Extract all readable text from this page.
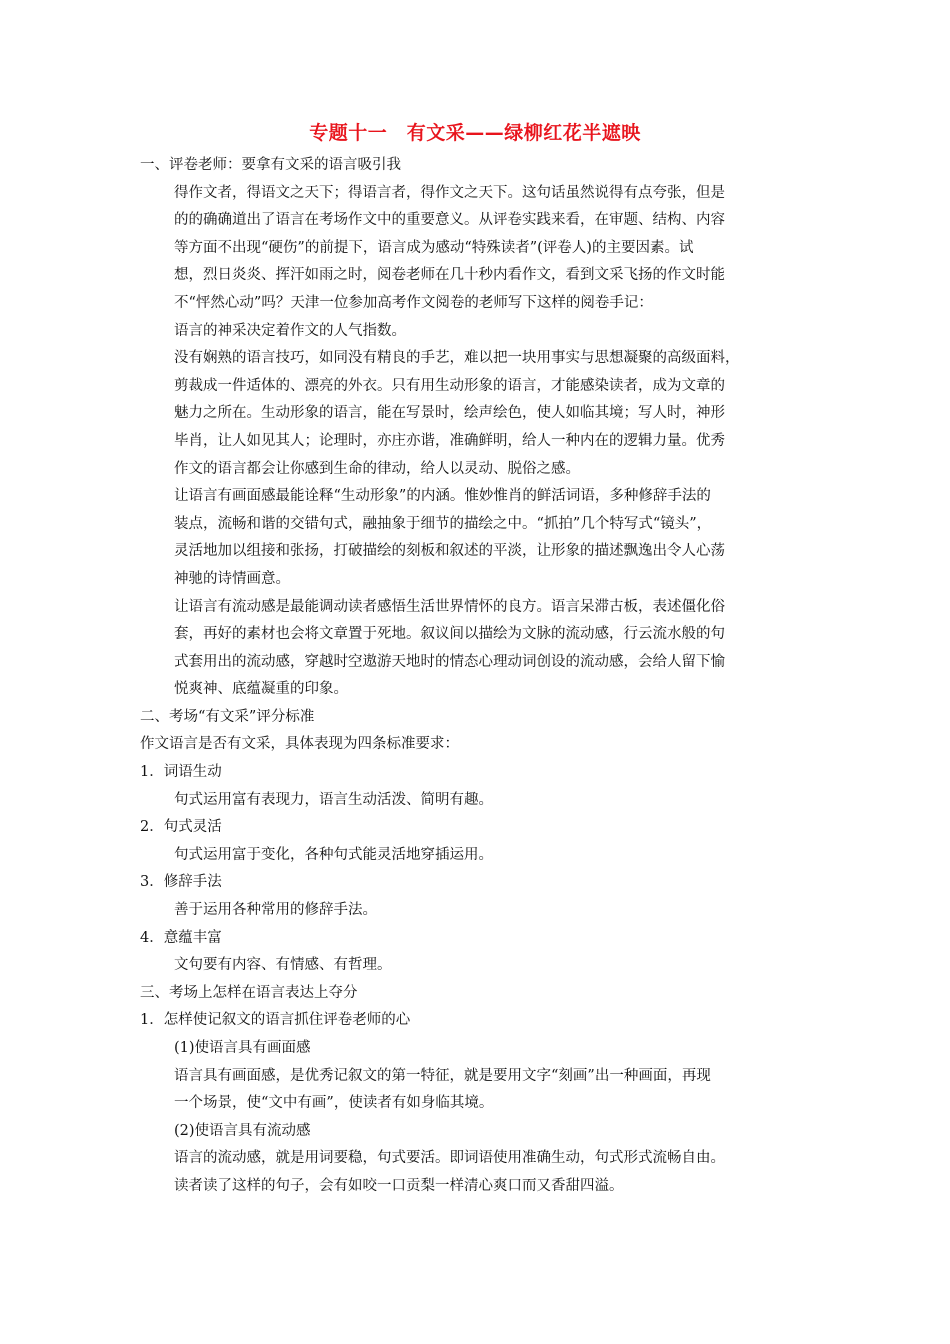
专题十一　有文采——绿柳红花半遮映
一、评卷老师：要拿有文采的语言吸引我
得作文者，得语文之天下；得语言者，得作文之天下。这句话虽然说得有点夸张，但是
的的确确道出了语言在考场作文中的重要意义。从评卷实践来看，在审题、结构、内容
等方面不出现“硬伤”的前提下，语言成为感动“特殊读者”(评卷人)的主要因素。试
想，烈日炎炎、挥汗如雨之时，阅卷老师在几十秒内看作文，看到文采飞扬的作文时能
不“怦然心动”吗？天津一位参加高考作文阅卷的老师写下这样的阅卷手记：
语言的神采决定着作文的人气指数。
没有娴熟的语言技巧，如同没有精良的手艺，难以把一块用事实与思想凝聚的高级面料，
剪裁成一件适体的、漂亮的外衣。只有用生动形象的语言，才能感染读者，成为文章的
魅力之所在。生动形象的语言，能在写景时，绘声绘色，使人如临其境；写人时，神形
毕肖，让人如见其人；论理时，亦庄亦谐，准确鲜明，给人一种内在的逻辑力量。优秀
作文的语言都会让你感到生命的律动，给人以灵动、脱俗之感。
让语言有画面感最能诠释“生动形象”的内涵。惟妙惟肖的鲜活词语，多种修辞手法的
装点，流畅和谐的交错句式，融抽象于细节的描绘之中。“抓拍”几个特写式“镜头”，
灵活地加以组接和张扬，打破描绘的刻板和叙述的平淡，让形象的描述飘逸出令人心荡
神驰的诗情画意。
让语言有流动感是最能调动读者感悟生活世界情怀的良方。语言呆滞古板，表述僵化俗
套，再好的素材也会将文章置于死地。叙议间以描绘为文脉的流动感，行云流水般的句
式套用出的流动感，穿越时空遨游天地时的情态心理动词创设的流动感，会给人留下愉
悦爽神、底蕴凝重的印象。
二、考场“有文采”评分标准
作文语言是否有文采，具体表现为四条标准要求：
1．词语生动
句式运用富有表现力，语言生动活泼、简明有趣。
2．句式灵活
句式运用富于变化，各种句式能灵活地穿插运用。
3．修辞手法
善于运用各种常用的修辞手法。
4．意蕴丰富
文句要有内容、有情感、有哲理。
三、考场上怎样在语言表达上夺分
1．怎样使记叙文的语言抓住评卷老师的心
(1)使语言具有画面感
语言具有画面感，是优秀记叙文的第一特征，就是要用文字“刻画”出一种画面，再现
一个场景，使“文中有画”，使读者有如身临其境。
(2)使语言具有流动感
语言的流动感，就是用词要稳，句式要活。即词语使用准确生动，句式形式流畅自由。
读者读了这样的句子，会有如咬一口贡梨一样清心爽口而又香甜四溢。
